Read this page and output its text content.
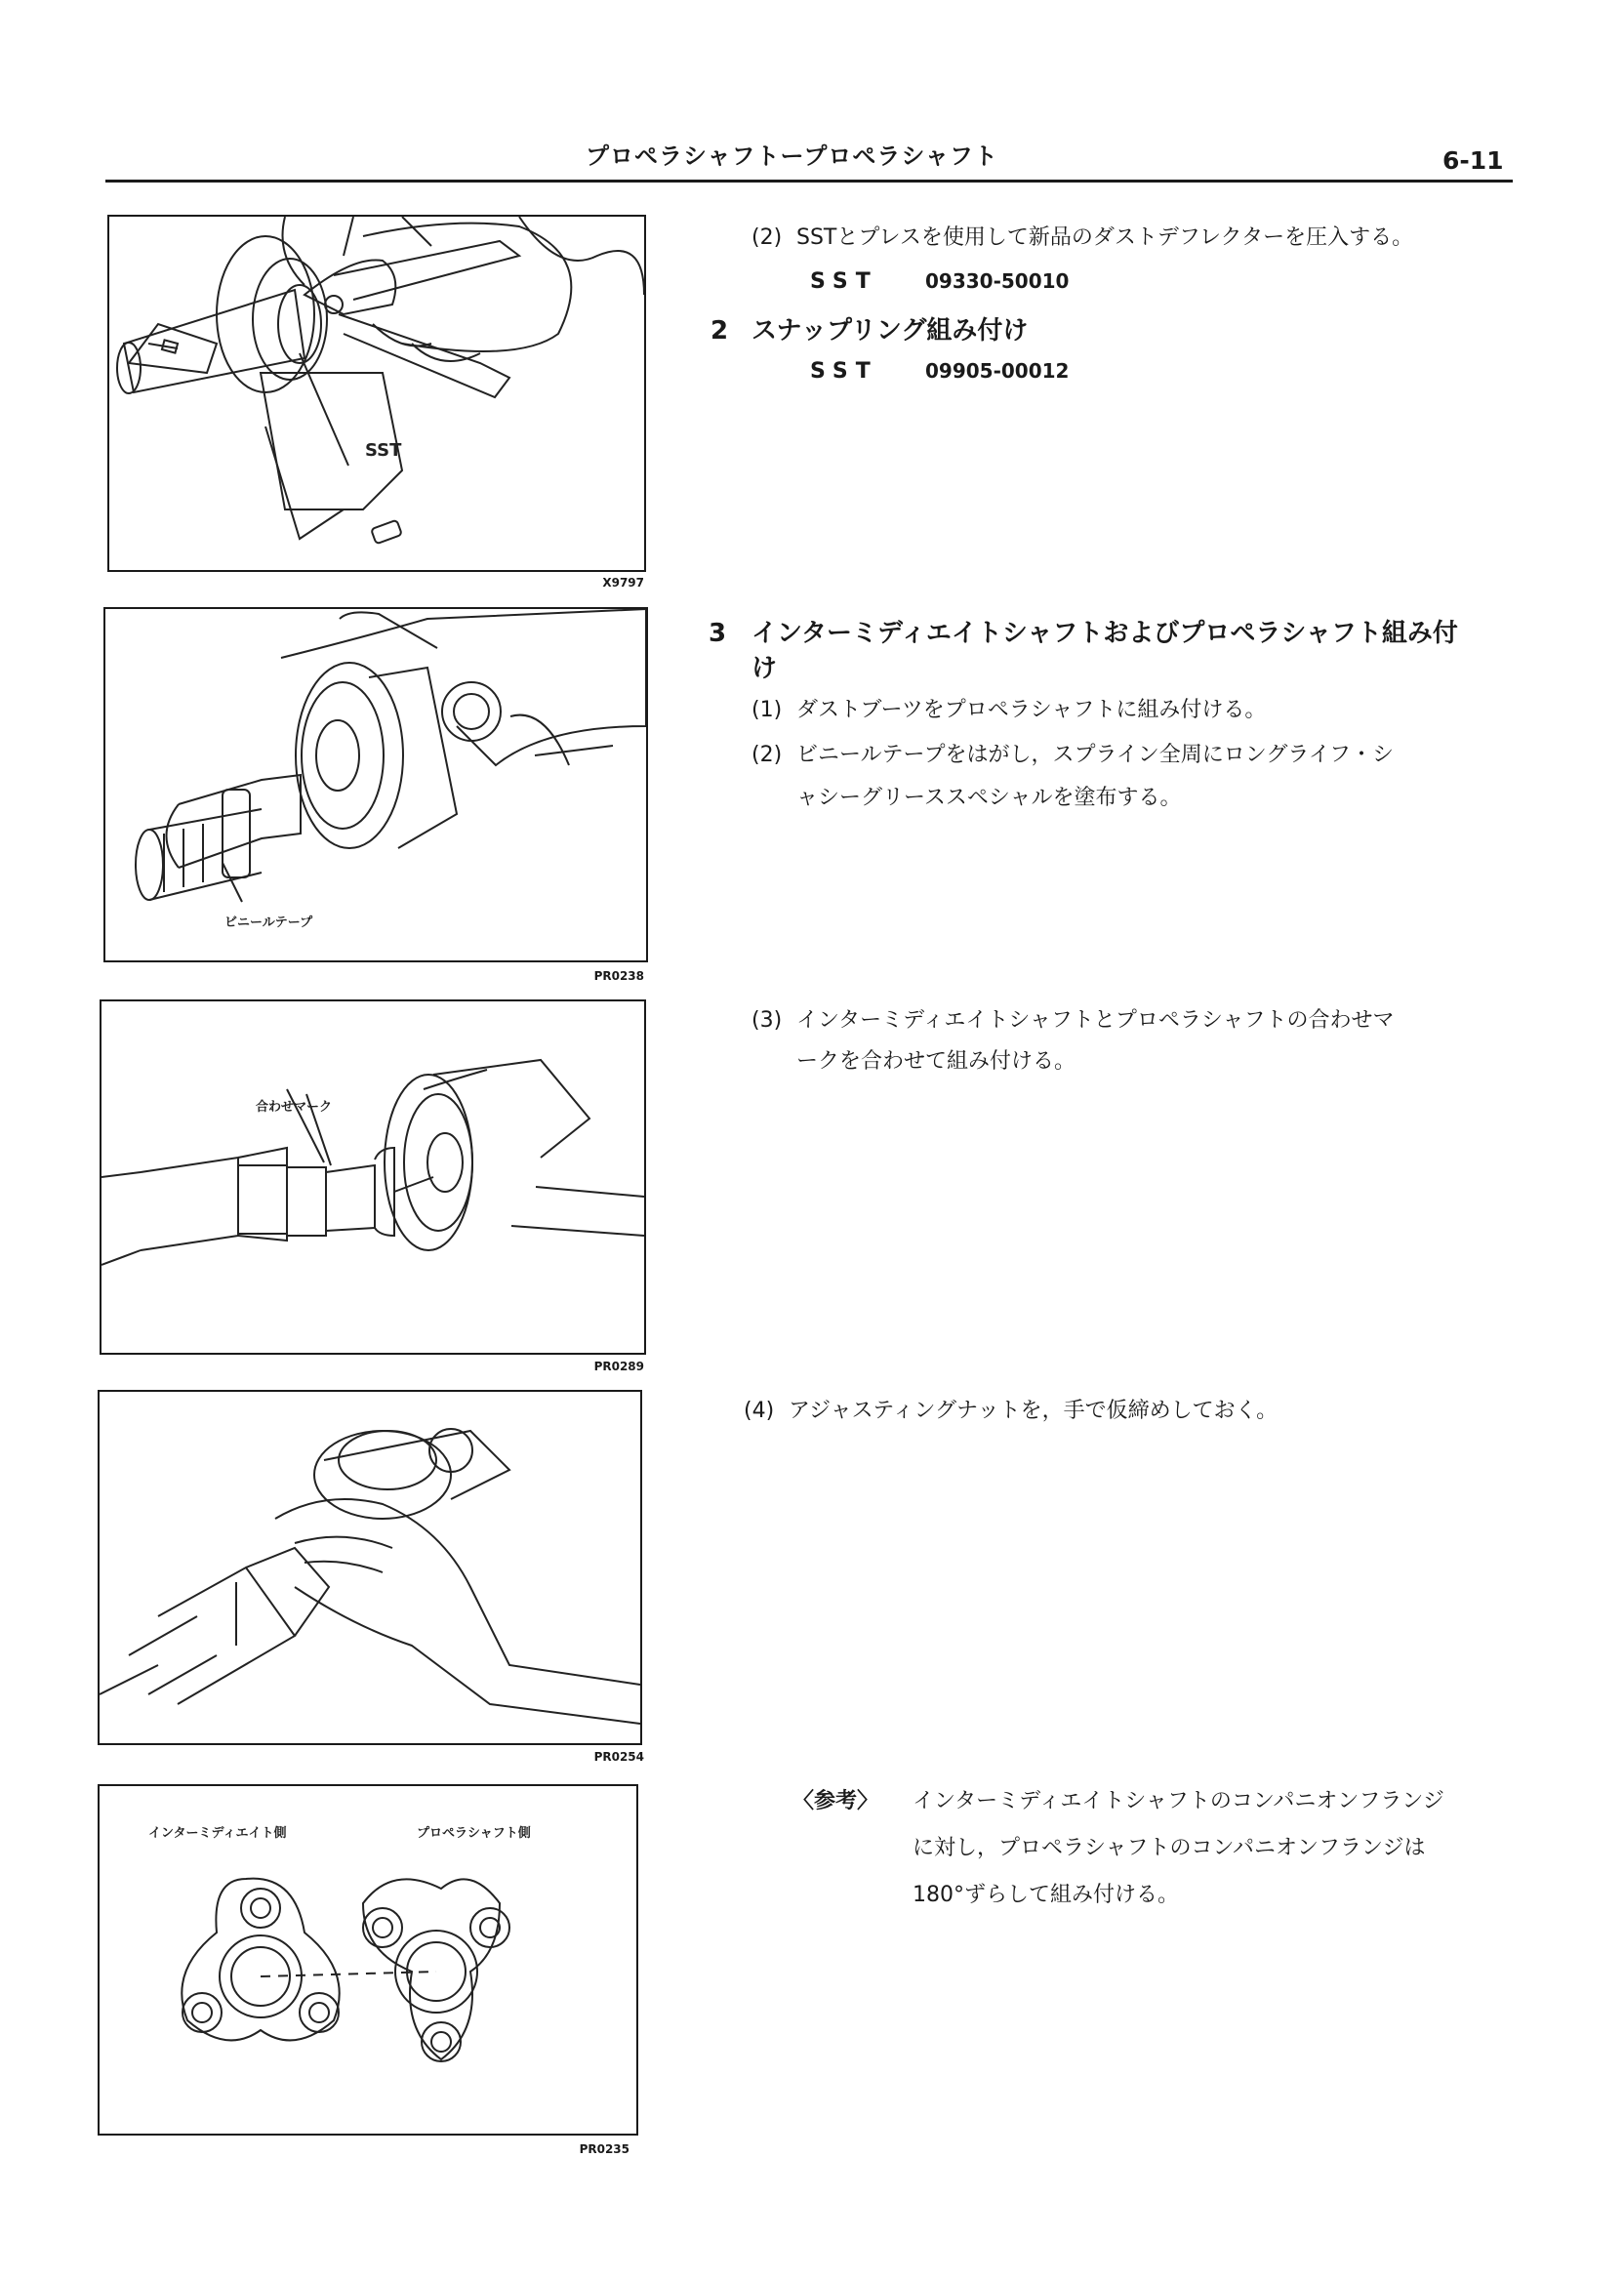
プロペラシャフトープロペラシャフト	6-11
SST
X9797
ビニールテープ
PR0238
合わせマーク
PR0289
PR0254
インターミディエイト側	プロペラシャフト側
PR0235
(2) SSTとプレスを使用して新品のダストデフレクターを圧入する。
SST 09330-50010
2 スナップリング組み付け
SST 09905-00012
3 インターミディエイトシャフトおよびプロペラシャフト組み付
け
(1) ダストブーツをプロペラシャフトに組み付ける。
(2) ビニールテープをはがし，スプライン全周にロングライフ・シ
ャシーグリーススペシャルを塗布する。
(3) インターミディエイトシャフトとプロペラシャフトの合わせマ
ークを合わせて組み付ける。
(4) アジャスティングナットを，手で仮締めしておく。
〈参考〉 インターミディエイトシャフトのコンパニオンフランジ
に対し，プロペラシャフトのコンパニオンフランジは
180°ずらして組み付ける。
